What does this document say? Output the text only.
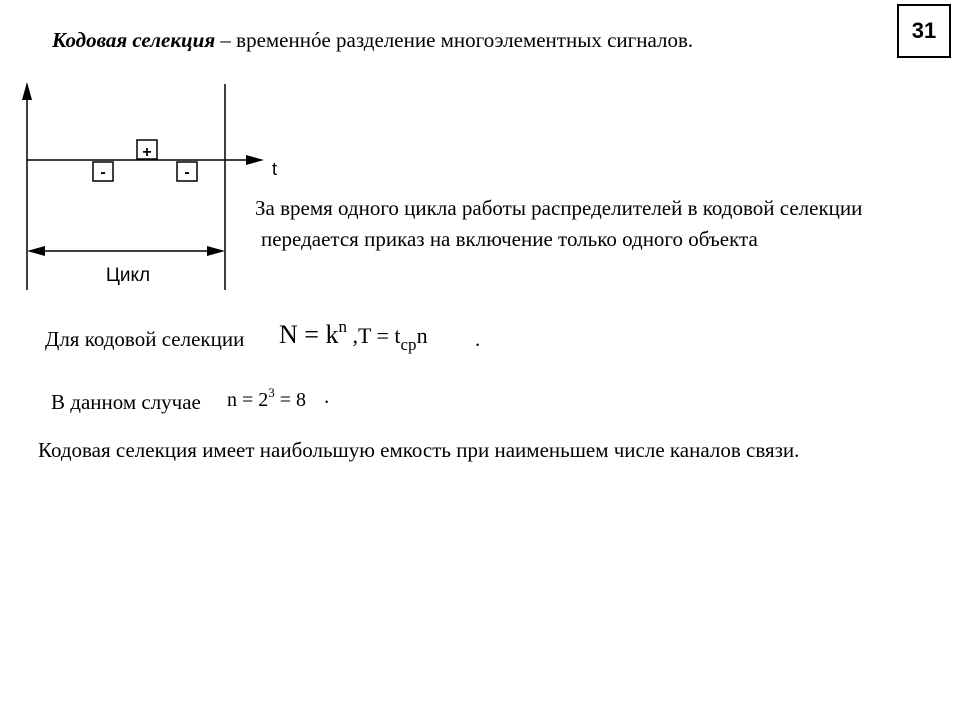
31
Кодовая селекция – временнóе разделение многоэлементных сигналов.
t
+
-	-
Цикл
За время одного цикла работы распределителей в кодовой селекции
передается приказ на включение только одного объекта
Для кодовой селекции $N = k^n$ $,T = t_{ср}n$ .
В данном случае $n = 2^3 = 8$ .
Кодовая селекция имеет наибольшую емкость при наименьшем числе каналов связи.
